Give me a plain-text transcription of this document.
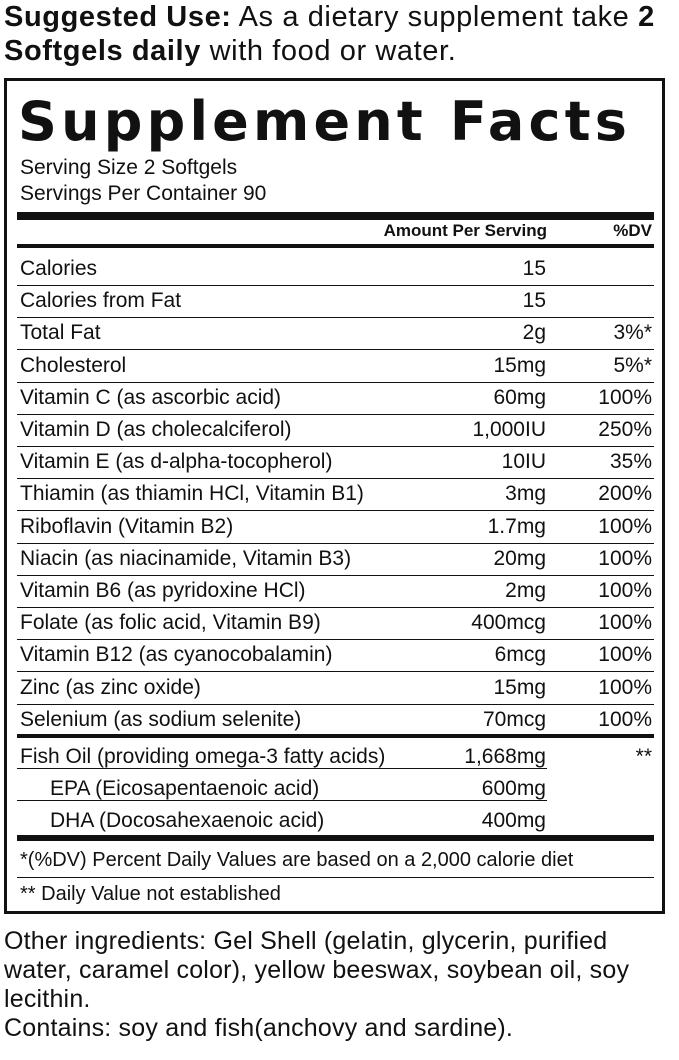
Suggested Use: As a dietary supplement take 2 Softgels daily with food or water.
Supplement Facts
Serving Size 2 Softgels
Servings Per Container 90
Amount Per Serving	%DV
Calories	15
Calories from Fat	15
Total Fat	2g	3%*
Cholesterol	15mg	5%*
Vitamin C (as ascorbic acid)	60mg 100%
Vitamin D (as cholecalciferol)	1,000IU 250%
Vitamin E (as d-alpha-tocopherol)	10IU	35%
Thiamin (as thiamin HCl, Vitamin B1)	3mg 200%
Riboflavin (Vitamin B2)	1.7mg 100%
Niacin (as niacinamide, Vitamin B3)	20mg 100%
Vitamin B6 (as pyridoxine HCl)	2mg 100%
Folate (as folic acid, Vitamin B9)	400mcg 100%
Vitamin B12 (as cyanocobalamin)	6mcg 100%
Zinc (as zinc oxide)	15mg 100%
Selenium (as sodium selenite)	70mcg 100%
Fish Oil (providing omega-3 fatty acids)	1,668mg	**
EPA (Eicosapentaenoic acid)	600mg
DHA (Docosahexaenoic acid)	400mg
*(%DV) Percent Daily Values are based on a 2,000 calorie diet
** Daily Value not established

Other ingredients: Gel Shell (gelatin, glycerin, purified water, caramel color), yellow beeswax, soybean oil, soy lecithin.

Contains: soy and fish(anchovy and sardine).
